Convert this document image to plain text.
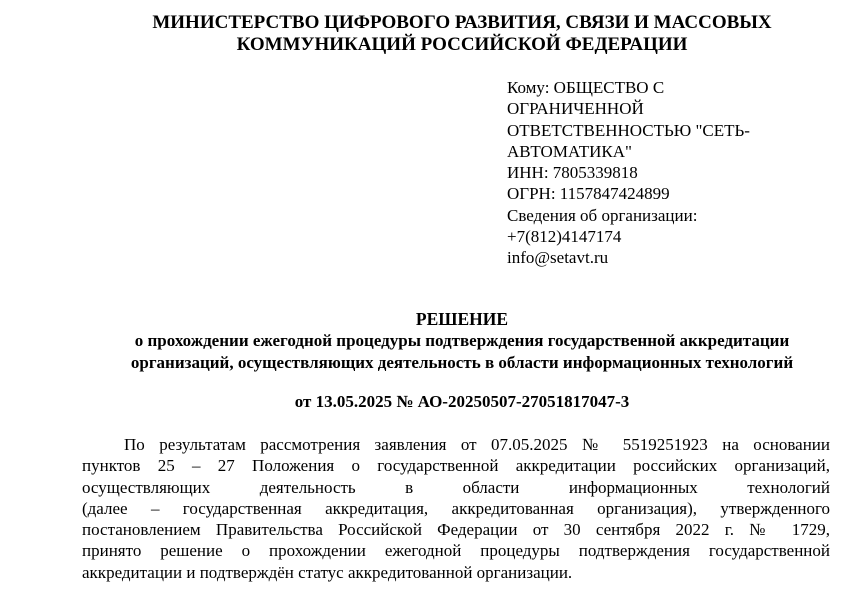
МИНИСТЕРСТВО ЦИФРОВОГО РАЗВИТИЯ, СВЯЗИ И МАССОВЫХ
КОММУНИКАЦИЙ РОССИЙСКОЙ ФЕДЕРАЦИИ
Кому: ОБЩЕСТВО С
ОГРАНИЧЕННОЙ
ОТВЕТСТВЕННОСТЬЮ "СЕТЬ-
АВТОМАТИКА"
ИНН: 7805339818
ОГРН: 1157847424899
Сведения об организации:
+7(812)4147174
info@setavt.ru
РЕШЕНИЕ
о прохождении ежегодной процедуры подтверждения государственной аккредитации
организаций, осуществляющих деятельность в области информационных технологий
от 13.05.2025 № АО-20250507-27051817047-3
По результатам рассмотрения заявления от 07.05.2025 № 5519251923 на основании
пунктов 25 – 27 Положения о государственной аккредитации российских организаций,
осуществляющих деятельность в области информационных технологий
(далее – государственная аккредитация, аккредитованная организация), утвержденного
постановлением Правительства Российской Федерации от 30 сентября 2022 г. № 1729,
принято решение о прохождении ежегодной процедуры подтверждения государственной
аккредитации и подтверждён статус аккредитованной организации.
